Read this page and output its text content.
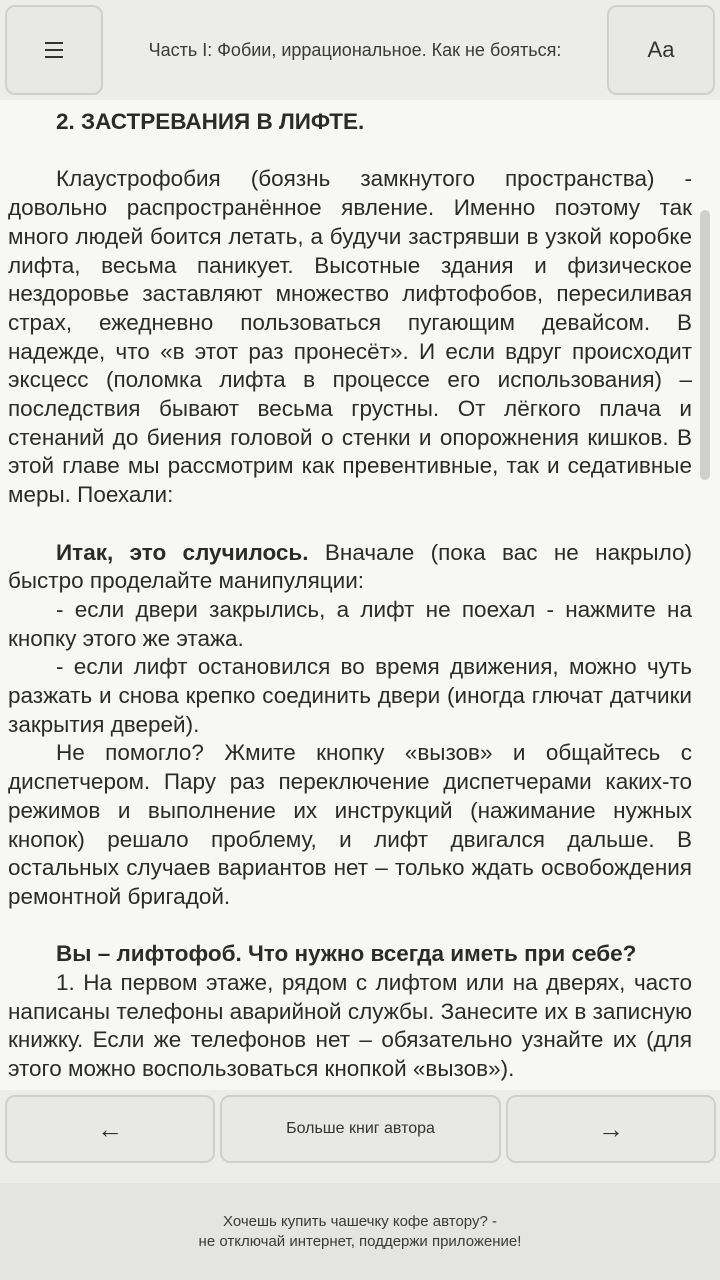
Часть I: Фобии, иррациональное. Как не бояться:	Aa

2. ЗАСТРЕВАНИЯ В ЛИФТЕ.

Клаустрофобия (боязнь замкнутого пространства) - довольно распространённое явление. Именно поэтому так много людей боится летать, а будучи застрявши в узкой коробке лифта, весьма паникует. Высотные здания и физическое нездоровье заставляют множество лифтофобов, пересиливая страх, ежедневно пользоваться пугающим девайсом. В надежде, что «в этот раз пронесёт». И если вдруг происходит эксцесс (поломка лифта в процессе его использования) – последствия бывают весьма грустны. От лёгкого плача и стенаний до биения головой о стенки и опорожнения кишков. В этой главе мы рассмотрим как превентивные, так и седативные меры. Поехали:

Итак, это случилось. Вначале (пока вас не накрыло) быстро проделайте манипуляции:

- если двери закрылись, а лифт не поехал - нажмите на кнопку этого же этажа.

- если лифт остановился во время движения, можно чуть разжать и снова крепко соединить двери (иногда глючат датчики закрытия дверей).

Не помогло? Жмите кнопку «вызов» и общайтесь с диспетчером. Пару раз переключение диспетчерами каких-то режимов и выполнение их инструкций (нажимание нужных кнопок) решало проблему, и лифт двигался дальше. В остальных случаев вариантов нет – только ждать освобождения ремонтной бригадой.

Вы – лифтофоб. Что нужно всегда иметь при себе?

1. На первом этаже, рядом с лифтом или на дверях, часто написаны телефоны аварийной службы. Занесите их в записную книжку. Если же телефонов нет – обязательно узнайте их (для этого можно воспользоваться кнопкой «вызов»).

←	Больше книг автора	→
Хочешь купить чашечку кофе автору? -
не отключай интернет, поддержи приложение!
